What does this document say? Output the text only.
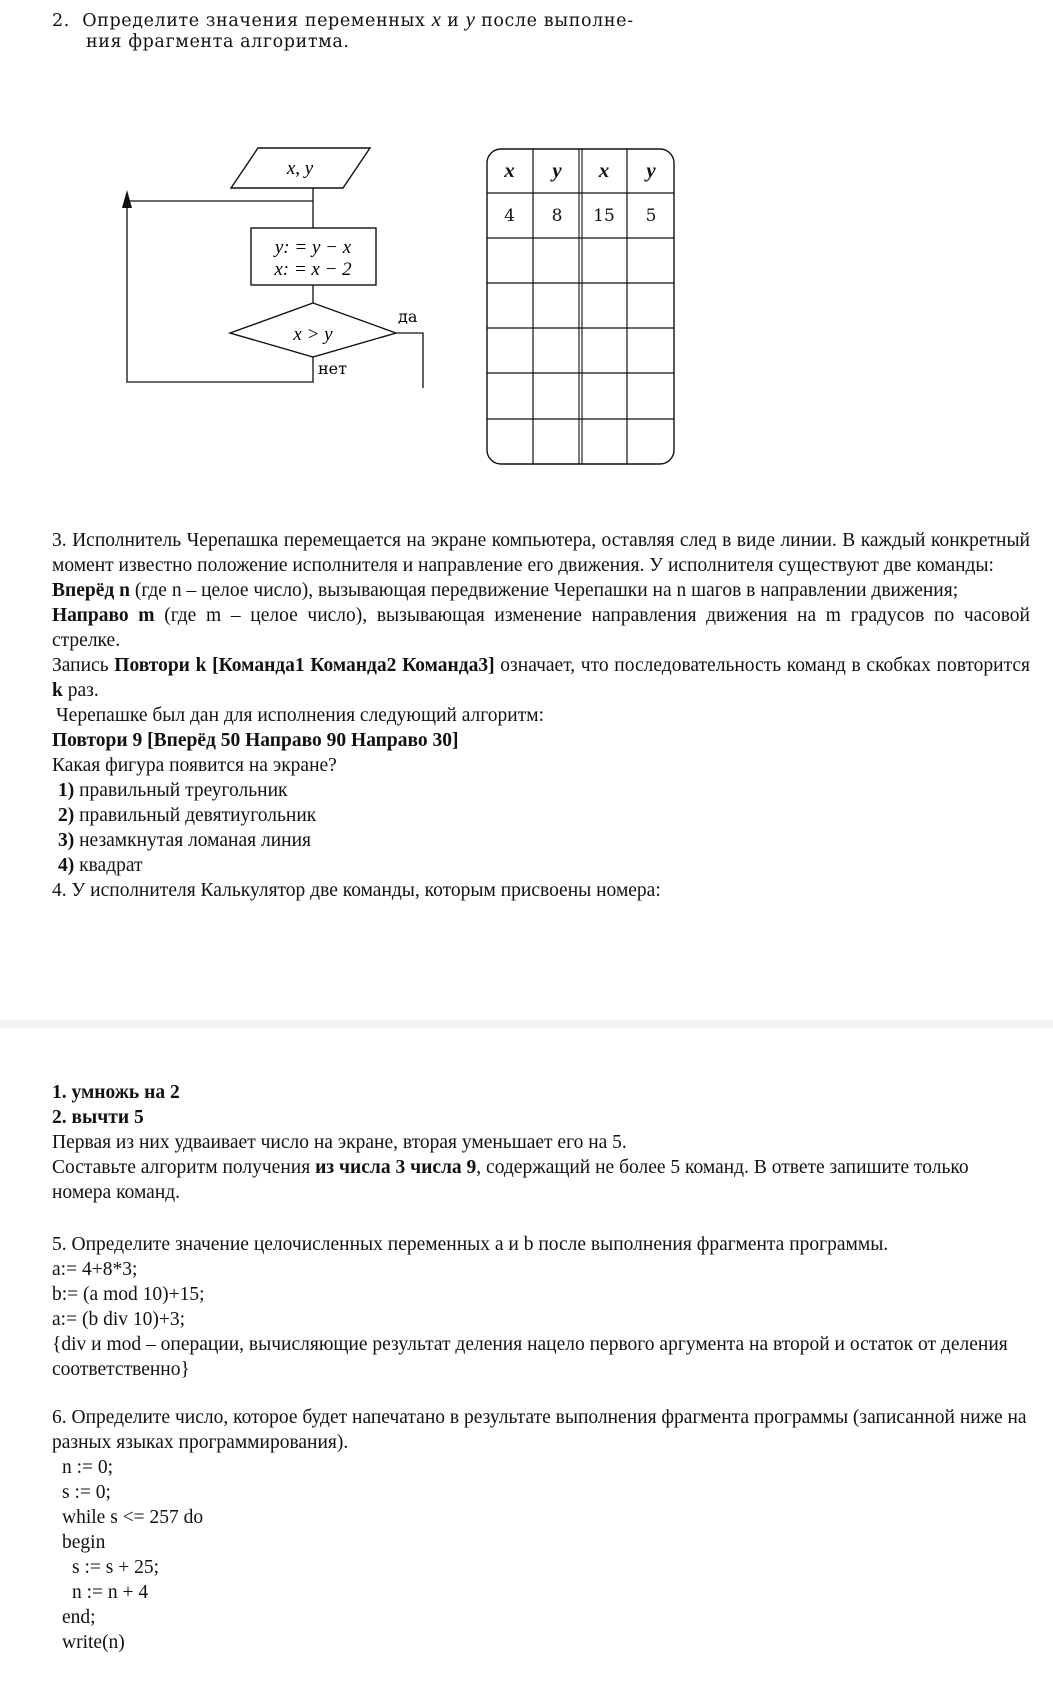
2. Определите значения переменных x и y после выполне-
ния фрагмента алгоритма.
x, y
y: = y − x
x: = x − 2
x > y
да
нет
x	y	x	y
4	8	15	5

3. Исполнитель Черепашка перемещается на экране компьютера, оставляя след в виде линии. В каждый конкретный момент известно положение исполнителя и направление его движения. У исполнителя существуют две команды:

Вперёд n (где n – целое число), вызывающая передвижение Черепашки на n шагов в направлении движения;

Направо m (где m – целое число), вызывающая изменение направления движения на m градусов по часовой стрелке.

Запись Повтори k [Команда1 Команда2 Команда3] означает, что последовательность команд в скобках повторится k раз.

Черепашке был дан для исполнения следующий алгоритм:

Повтори 9 [Вперёд 50 Направо 90 Направо 30]

Какая фигура появится на экране?

1) правильный треугольник

2) правильный девятиугольник

3) незамкнутая ломаная линия

4) квадрат

4. У исполнителя Калькулятор две команды, которым присвоены номера:

1. умножь на 2

2. вычти 5

Первая из них удваивает число на экране, вторая уменьшает его на 5.

Составьте алгоритм получения из числа 3 числа 9, содержащий не более 5 команд. В ответе запишите только номера команд.

5. Определите значение целочисленных переменных a и b после выполнения фрагмента программы.

a:= 4+8*3;

b:= (a mod 10)+15;

a:= (b div 10)+3;

{div и mod – операции, вычисляющие результат деления нацело первого аргумента на второй и остаток от деления соответственно}

6. Определите число, которое будет напечатано в результате выполнения фрагмента программы (записанной ниже на разных языках программирования).

n := 0;

s := 0;

while s <= 257 do

begin

s := s + 25;

n := n + 4

end;

write(n)
